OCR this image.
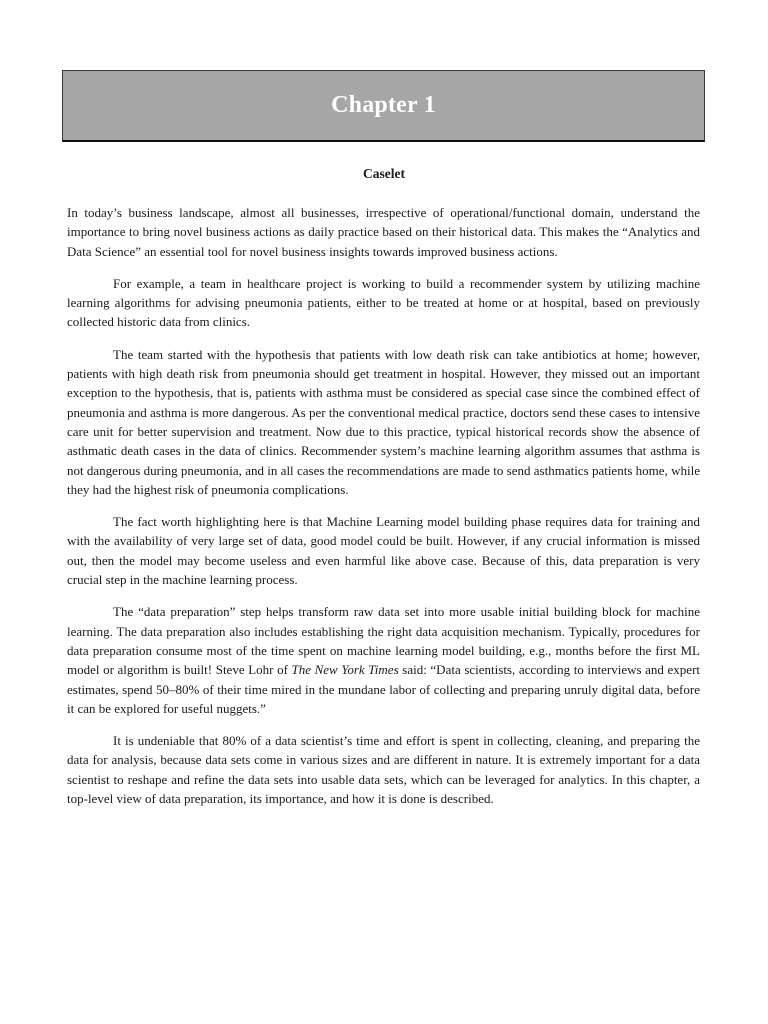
Chapter 1
Caselet

In today’s business landscape, almost all businesses, irrespective of operational/functional domain, understand the importance to bring novel business actions as daily practice based on their historical data. This makes the “Analytics and Data Science” an essential tool for novel business insights towards improved business actions.

For example, a team in healthcare project is working to build a recommender system by utilizing machine learning algorithms for advising pneumonia patients, either to be treated at home or at hospital, based on previously collected historic data from clinics.

The team started with the hypothesis that patients with low death risk can take antibiotics at home; however, patients with high death risk from pneumonia should get treatment in hospital. However, they missed out an important exception to the hypothesis, that is, patients with asthma must be considered as special case since the combined effect of pneumonia and asthma is more dangerous. As per the conventional medical practice, doctors send these cases to intensive care unit for better supervision and treatment. Now due to this practice, typical historical records show the absence of asthmatic death cases in the data of clinics. Recommender system’s machine learning algorithm assumes that asthma is not dangerous during pneumonia, and in all cases the recommendations are made to send asthmatics patients home, while they had the highest risk of pneumonia complications.

The fact worth highlighting here is that Machine Learning model building phase requires data for training and with the availability of very large set of data, good model could be built. However, if any crucial information is missed out, then the model may become useless and even harmful like above case. Because of this, data preparation is very crucial step in the machine learning process.

The “data preparation” step helps transform raw data set into more usable initial building block for machine learning. The data preparation also includes establishing the right data acquisition mechanism. Typically, procedures for data preparation consume most of the time spent on machine learning model building, e.g., months before the first ML model or algorithm is built! Steve Lohr of The New York Times said: “Data scientists, according to interviews and expert estimates, spend 50–80% of their time mired in the mundane labor of collecting and preparing unruly digital data, before it can be explored for useful nuggets.”

It is undeniable that 80% of a data scientist’s time and effort is spent in collecting, cleaning, and preparing the data for analysis, because data sets come in various sizes and are different in nature. It is extremely important for a data scientist to reshape and refine the data sets into usable data sets, which can be leveraged for analytics. In this chapter, a top-level view of data preparation, its importance, and how it is done is described.
